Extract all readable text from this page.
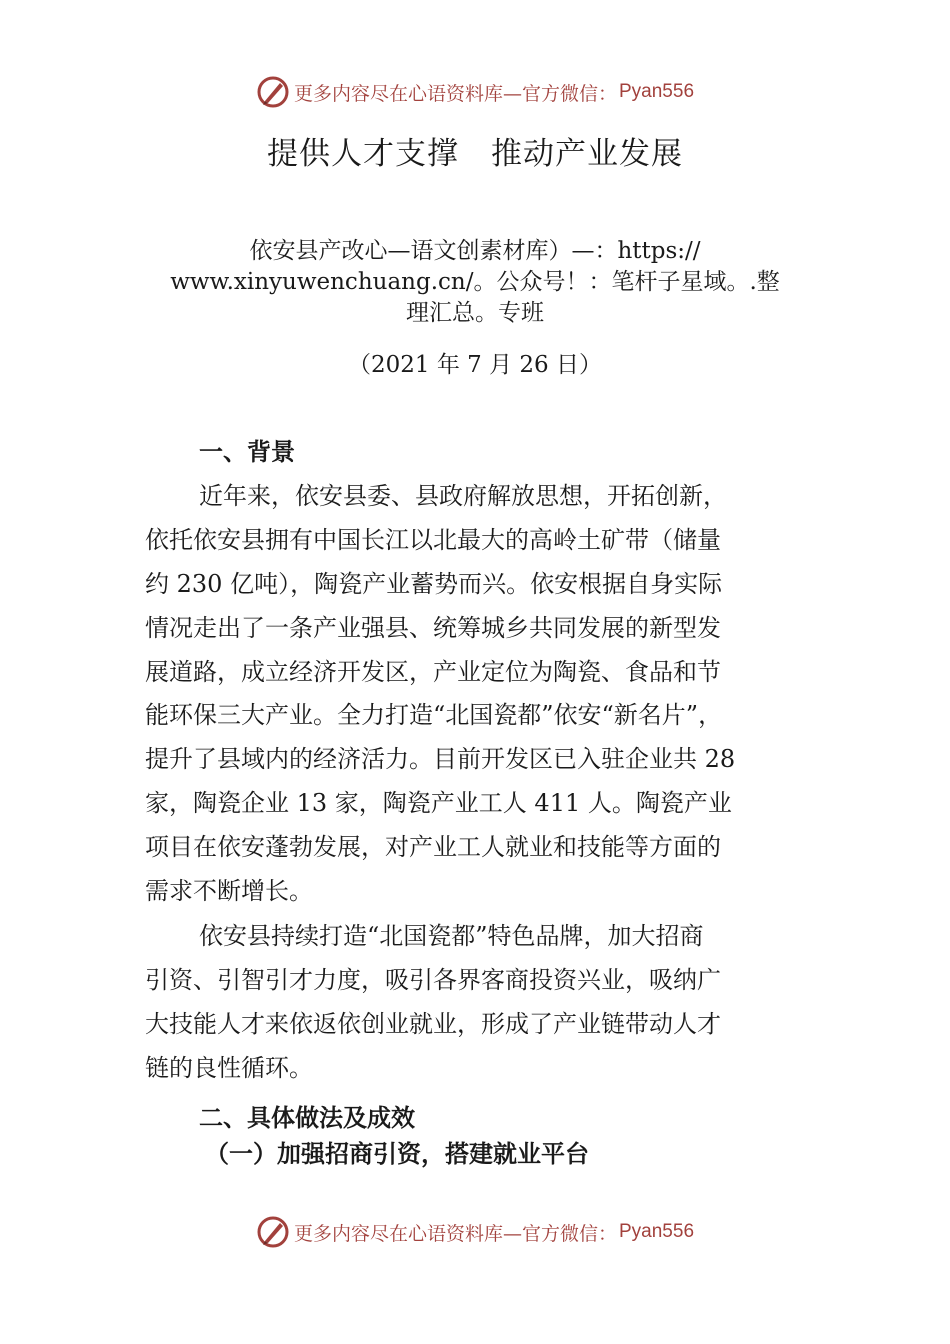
更多内容尽在心语资料库—官方微信： Pyan556
提供人才支撑　推动产业发展
依安县产改心—语文创素材库）—：https://
www.xinyuwenchuang.cn/。公众号！：笔杆子星域。.整
理汇总。专班
（2021 年 7 月 26 日）
一、背景
近年来，依安县委、县政府解放思想，开拓创新，
依托依安县拥有中国长江以北最大的高岭土矿带（储量
约 230 亿吨），陶瓷产业蓄势而兴。依安根据自身实际
情况走出了一条产业强县、统筹城乡共同发展的新型发
展道路，成立经济开发区，产业定位为陶瓷、食品和节
能环保三大产业。全力打造“北国瓷都”依安“新名片”，
提升了县域内的经济活力。目前开发区已入驻企业共 28
家，陶瓷企业 13 家，陶瓷产业工人 411 人。陶瓷产业
项目在依安蓬勃发展，对产业工人就业和技能等方面的
需求不断增长。
依安县持续打造“北国瓷都”特色品牌，加大招商
引资、引智引才力度，吸引各界客商投资兴业，吸纳广
大技能人才来依返依创业就业，形成了产业链带动人才
链的良性循环。
二、具体做法及成效
（一）加强招商引资，搭建就业平台
更多内容尽在心语资料库—官方微信： Pyan556
